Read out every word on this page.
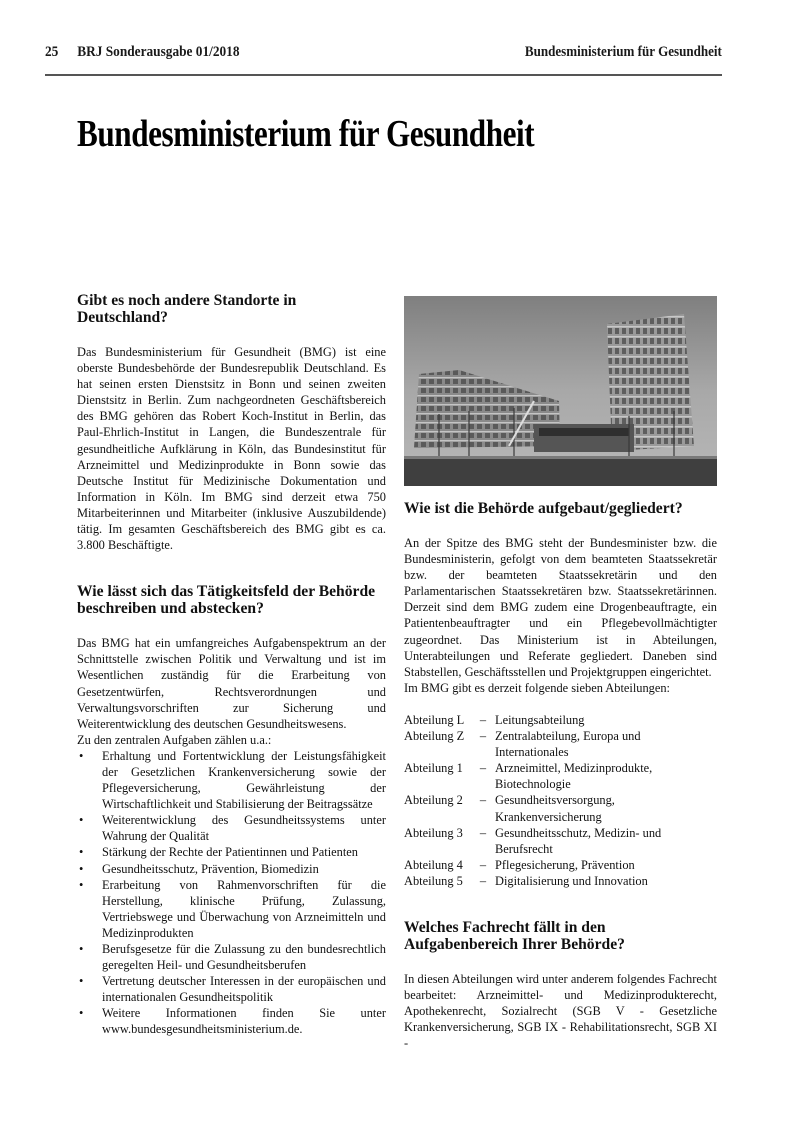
25 BRJ Sonderausgabe 01/2018	Bundesministerium für Gesundheit
Bundesministerium für Gesundheit
Gibt es noch andere Standorte in Deutschland?

Das Bundesministerium für Gesundheit (BMG) ist eine oberste Bundesbehörde der Bundesrepublik Deutschland. Es hat seinen ersten Dienstsitz in Bonn und seinen zweiten Dienstsitz in Berlin. Zum nachgeordneten Geschäftsbereich des BMG gehören das Robert Koch-Institut in Berlin, das Paul-Ehrlich-Institut in Langen, die Bundeszentrale für gesundheitliche Aufklärung in Köln, das Bundesinstitut für Arzneimittel und Medizinprodukte in Bonn sowie das Deutsche Institut für Medizinische Dokumentation und Information in Köln. Im BMG sind derzeit etwa 750 Mitarbeiterinnen und Mitarbeiter (inklusive Auszubildende) tätig. Im gesamten Geschäftsbereich des BMG gibt es ca. 3.800 Beschäftigte.

Wie lässt sich das Tätigkeitsfeld der Behörde beschreiben und abstecken?

Das BMG hat ein umfangreiches Aufgabenspektrum an der Schnittstelle zwischen Politik und Verwaltung und ist im Wesentlichen zuständig für die Erarbeitung von Gesetzentwürfen, Rechtsverordnungen und Verwaltungsvorschriften zur Sicherung und Weiterentwicklung des deutschen Gesundheitswesens.

Zu den zentralen Aufgaben zählen u.a.:

• Erhaltung und Fortentwicklung der Leistungsfähigkeit der Gesetzlichen Krankenversicherung sowie der Pflegeversicherung, Gewährleistung der Wirtschaftlichkeit und Stabilisierung der Beitragssätze
• Weiterentwicklung des Gesundheitssystems unter Wahrung der Qualität
• Stärkung der Rechte der Patientinnen und Patienten
• Gesundheitsschutz, Prävention, Biomedizin
• Erarbeitung von Rahmenvorschriften für die Herstellung, klinische Prüfung, Zulassung, Vertriebswege und Überwachung von Arzneimitteln und Medizinprodukten
• Berufsgesetze für die Zulassung zu den bundesrechtlich geregelten Heil- und Gesundheitsberufen
• Vertretung deutscher Interessen in der europäischen und internationalen Gesundheitspolitik
• Weitere Informationen finden Sie unter www.bundesgesundheitsministerium.de.
Wie ist die Behörde aufgebaut/gegliedert?

An der Spitze des BMG steht der Bundesminister bzw. die Bundesministerin, gefolgt von dem beamteten Staatssekretär bzw. der beamteten Staatssekretärin und den Parlamentarischen Staatssekretären bzw. Staatssekretärinnen. Derzeit sind dem BMG zudem eine Drogenbeauftragte, ein Patientenbeauftragter und ein Pflegebevollmächtigter zugeordnet. Das Ministerium ist in Abteilungen, Unterabteilungen und Referate gegliedert. Daneben sind Stabstellen, Geschäftsstellen und Projektgruppen eingerichtet.

Im BMG gibt es derzeit folgende sieben Abteilungen:

Abteilung L	– Leitungsabteilung
Abteilung Z	– Zentralabteilung, Europa und Internationales
Abteilung 1	– Arzneimittel, Medizinprodukte, Biotechnologie
Abteilung 2	– Gesundheitsversorgung, Krankenversicherung
Abteilung 3	– Gesundheitsschutz, Medizin- und Berufsrecht
Abteilung 4	– Pflegesicherung, Prävention
Abteilung 5	– Digitalisierung und Innovation
Welches Fachrecht fällt in den Aufgabenbereich Ihrer Behörde?

In diesen Abteilungen wird unter anderem folgendes Fachrecht bearbeitet: Arzneimittel- und Medizinprodukterecht, Apothekenrecht, Sozialrecht (SGB V - Gesetzliche Krankenversicherung, SGB IX - Rehabilitationsrecht, SGB XI -
